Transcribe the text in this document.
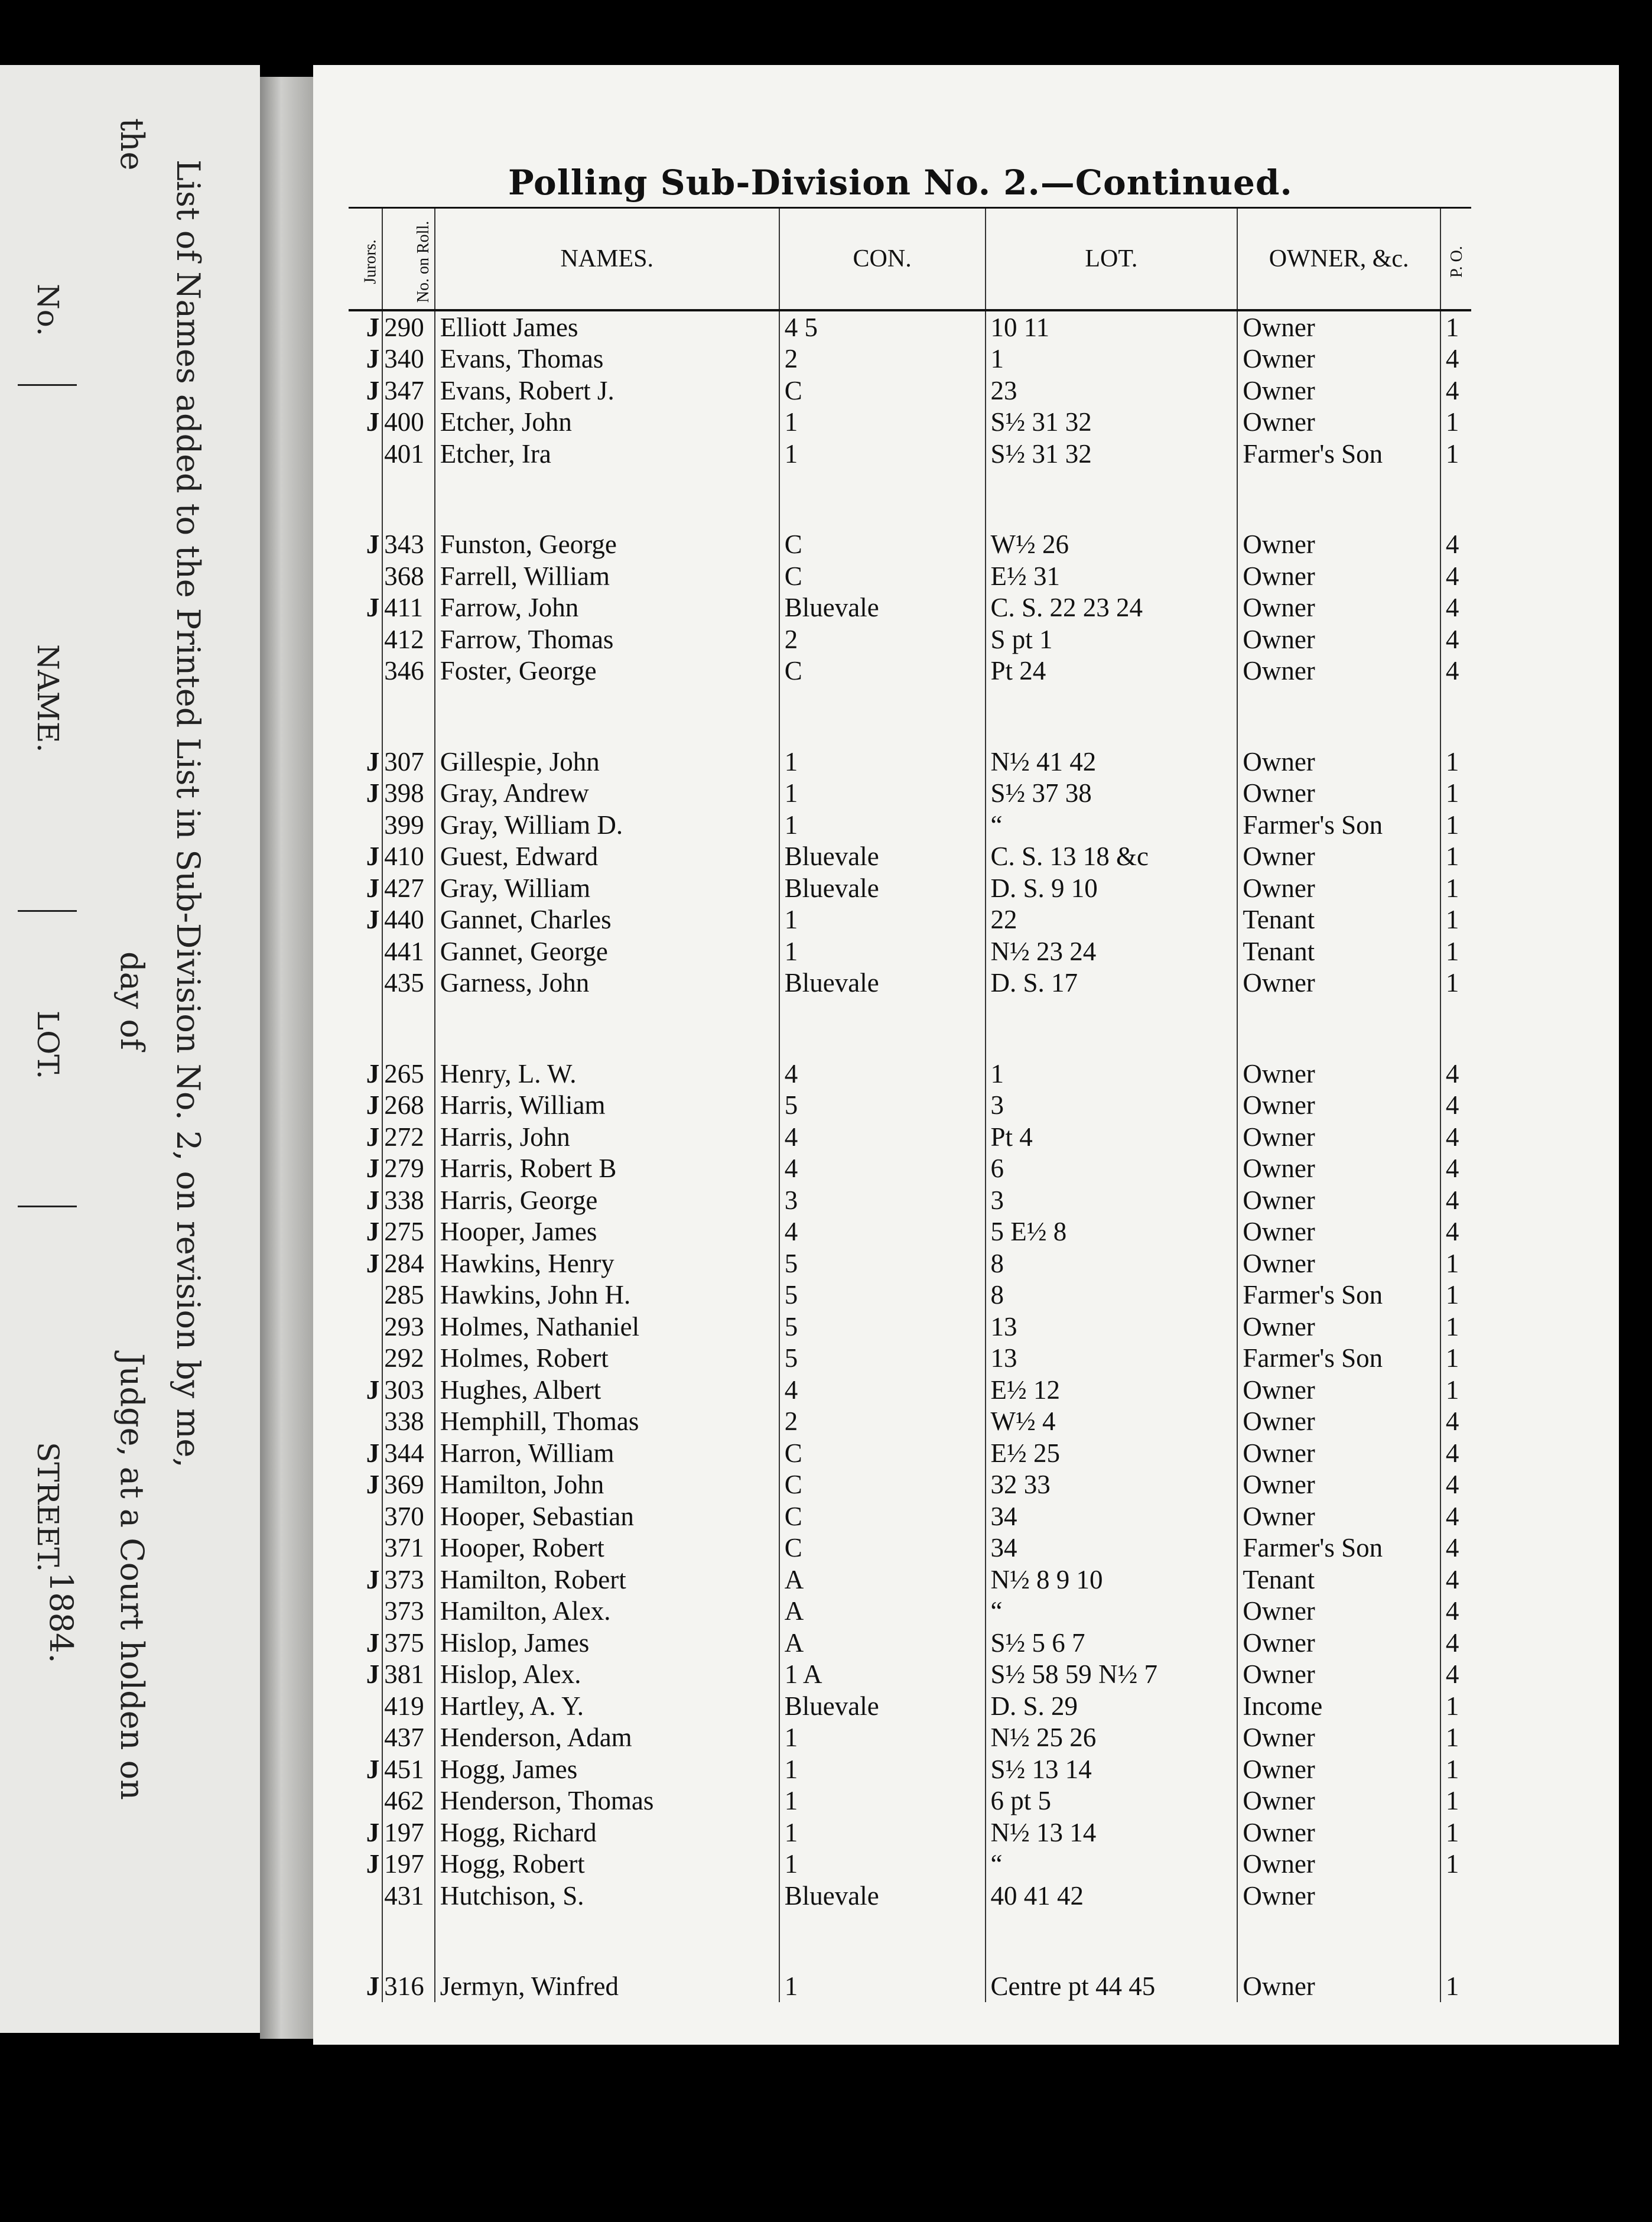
List of Names added to the Printed List in Sub-Division No. 2, on revision by me,
Judge, at a Court holden on
the
day of
1884.
No.
NAME.
LOT.
STREET.
Polling Sub-Division No. 2.—Continued.
Jurors.	No. on Roll.	NAMES.	CON.	LOT.	OWNER, &c.	P. O.
J	290	Elliott James	4 5	10 11	Owner	1
J	340	Evans, Thomas	2	1	Owner	4
J	347	Evans, Robert J.	C	23	Owner	4
J	400	Etcher, John	1	S½ 31 32	Owner	1
	401	Etcher, Ira	1	S½ 31 32	Farmer's Son	1

J	343	Funston, George	C	W½ 26	Owner	4
	368	Farrell, William	C	E½ 31	Owner	4
J	411	Farrow, John	Bluevale	C. S. 22 23 24	Owner	4
	412	Farrow, Thomas	2	S pt 1	Owner	4
	346	Foster, George	C	Pt 24	Owner	4

J	307	Gillespie, John	1	N½ 41 42	Owner	1
J	398	Gray, Andrew	1	S½ 37 38	Owner	1
	399	Gray, William D.	1	“	Farmer's Son	1
J	410	Guest, Edward	Bluevale	C. S. 13 18 &c	Owner	1
J	427	Gray, William	Bluevale	D. S. 9 10	Owner	1
J	440	Gannet, Charles	1	22	Tenant	1
	441	Gannet, George	1	N½ 23 24	Tenant	1
	435	Garness, John	Bluevale	D. S. 17	Owner	1

J	265	Henry, L. W.	4	1	Owner	4
J	268	Harris, William	5	3	Owner	4
J	272	Harris, John	4	Pt 4	Owner	4
J	279	Harris, Robert B	4	6	Owner	4
J	338	Harris, George	3	3	Owner	4
J	275	Hooper, James	4	5 E½ 8	Owner	4
J	284	Hawkins, Henry	5	8	Owner	1
	285	Hawkins, John H.	5	8	Farmer's Son	1
	293	Holmes, Nathaniel	5	13	Owner	1
	292	Holmes, Robert	5	13	Farmer's Son	1
J	303	Hughes, Albert	4	E½ 12	Owner	1
	338	Hemphill, Thomas	2	W½ 4	Owner	4
J	344	Harron, William	C	E½ 25	Owner	4
J	369	Hamilton, John	C	32 33	Owner	4
	370	Hooper, Sebastian	C	34	Owner	4
	371	Hooper, Robert	C	34	Farmer's Son	4
J	373	Hamilton, Robert	A	N½ 8 9 10	Tenant	4
	373	Hamilton, Alex.	A	“	Owner	4
J	375	Hislop, James	A	S½ 5 6 7	Owner	4
J	381	Hislop, Alex.	1 A	S½ 58 59 N½ 7	Owner	4
	419	Hartley, A. Y.	Bluevale	D. S. 29	Income	1
	437	Henderson, Adam	1	N½ 25 26	Owner	1
J	451	Hogg, James	1	S½ 13 14	Owner	1
	462	Henderson, Thomas	1	6 pt 5	Owner	1
J	197	Hogg, Richard	1	N½ 13 14	Owner	1
J	197	Hogg, Robert	1	“	Owner	1
	431	Hutchison, S.	Bluevale	40 41 42	Owner	

J	316	Jermyn, Winfred	1	Centre pt 44 45	Owner	1
